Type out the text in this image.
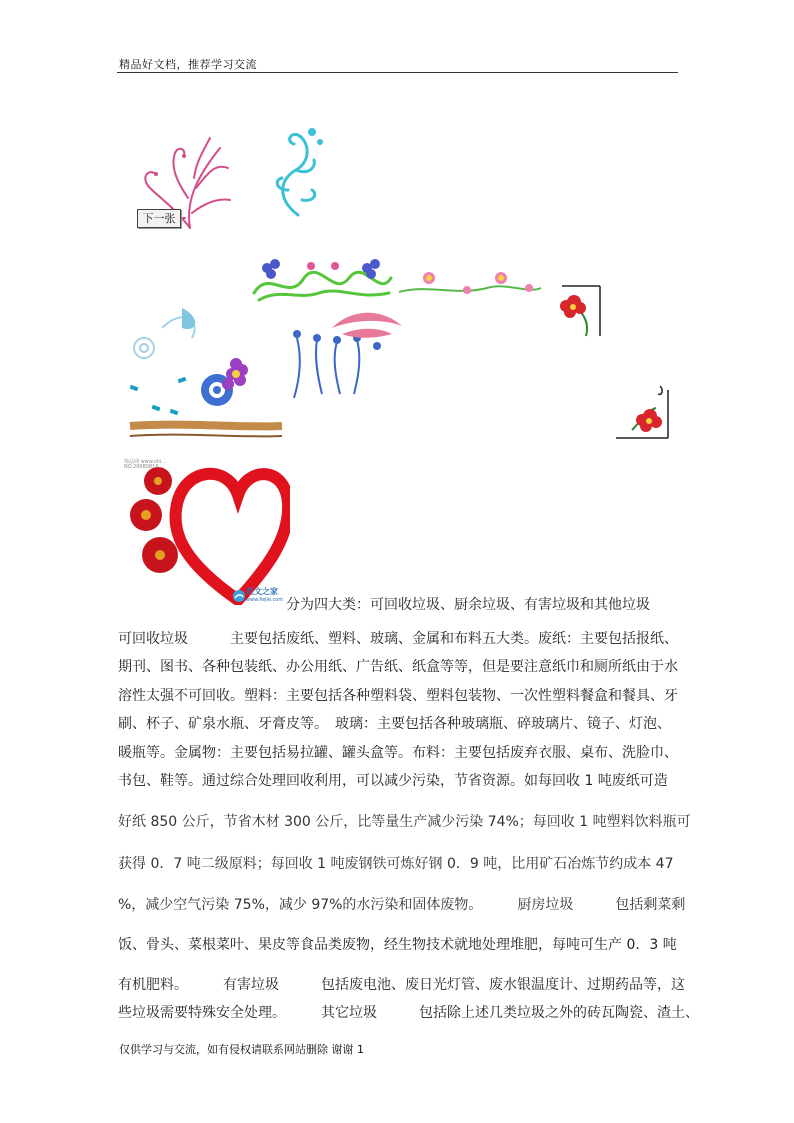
精品好文档，推荐学习交流
下一张
饰品网 www.shi...
NO.20080818...
范文之家
www.fwjie.com 分为四大类：可回收垃圾、厨余垃圾、有害垃圾和其他垃圾
可回收垃圾　　　主要包括废纸、塑料、玻璃、金属和布料五大类。废纸：主要包括报纸、
期刊、图书、各种包装纸、办公用纸、广告纸、纸盒等等，但是要注意纸巾和厕所纸由于水
溶性太强不可回收。塑料：主要包括各种塑料袋、塑料包装物、一次性塑料餐盒和餐具、牙
刷、杯子、矿泉水瓶、牙膏皮等。　玻璃：主要包括各种玻璃瓶、碎玻璃片、镜子、灯泡、
暖瓶等。金属物：主要包括易拉罐、罐头盒等。布料：主要包括废弃衣服、桌布、洗脸巾、
书包、鞋等。通过综合处理回收利用，可以减少污染，节省资源。如每回收 1 吨废纸可造
好纸 850 公斤，节省木材 300 公斤，比等量生产减少污染 74%；每回收 1 吨塑料饮料瓶可
获得 0．7 吨二级原料；每回收 1 吨废钢铁可炼好钢 0．9 吨，比用矿石冶炼节约成本 47
%，减少空气污染 75%，减少 97%的水污染和固体废物。　　　厨房垃圾　　　包括剩菜剩
饭、骨头、菜根菜叶、果皮等食品类废物，经生物技术就地处理堆肥，每吨可生产 0．3 吨
有机肥料。　　　有害垃圾　　　包括废电池、废日光灯管、废水银温度计、过期药品等，这
些垃圾需要特殊安全处理。　　　其它垃圾　　　包括除上述几类垃圾之外的砖瓦陶瓷、渣土、
仅供学习与交流，如有侵权请联系网站删除 谢谢 1
